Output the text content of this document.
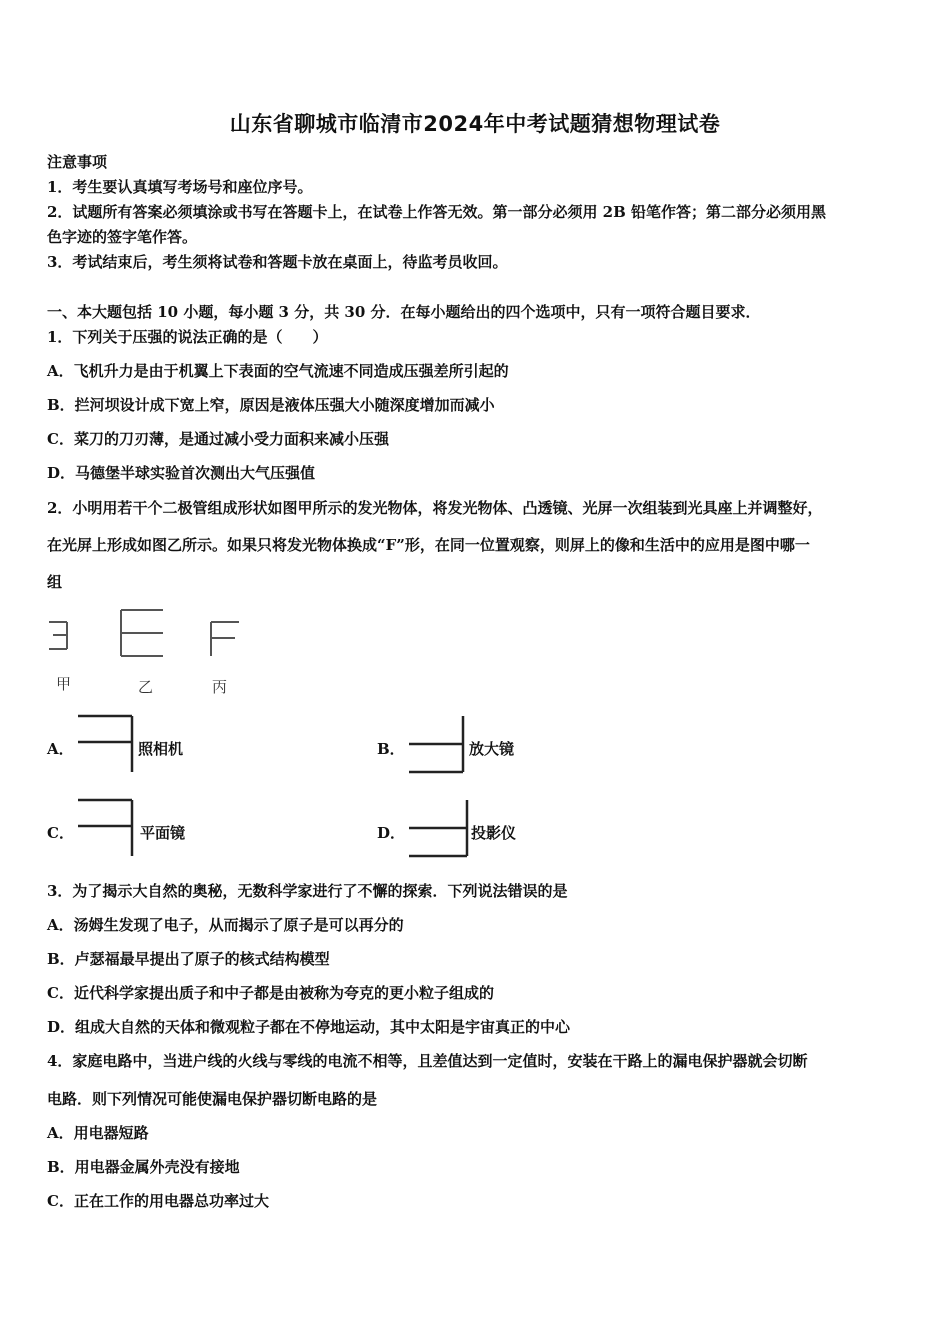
山东省聊城市临清市2024年中考试题猜想物理试卷
注意事项
1．考生要认真填写考场号和座位序号。
2．试题所有答案必须填涂或书写在答题卡上，在试卷上作答无效。第一部分必须用 2B 铅笔作答；第二部分必须用黑
色字迹的签字笔作答。
3．考试结束后，考生须将试卷和答题卡放在桌面上，待监考员收回。
一、本大题包括 10 小题，每小题 3 分，共 30 分．在每小题给出的四个选项中，只有一项符合题目要求．
1．下列关于压强的说法正确的是（　　）
A．飞机升力是由于机翼上下表面的空气流速不同造成压强差所引起的
B．拦河坝设计成下宽上窄，原因是液体压强大小随深度增加而减小
C．菜刀的刀刃薄，是通过减小受力面积来减小压强
D．马德堡半球实验首次测出大气压强值
2．小明用若干个二极管组成形状如图甲所示的发光物体，将发光物体、凸透镜、光屏一次组装到光具座上并调整好，
在光屏上形成如图乙所示。如果只将发光物体换成“F”形，在同一位置观察，则屏上的像和生活中的应用是图中哪一
组
甲	乙	丙
A．	照相机	B．	放大镜
C．	平面镜	D．	投影仪
3．为了揭示大自然的奥秘，无数科学家进行了不懈的探索．下列说法错误的是
A．汤姆生发现了电子，从而揭示了原子是可以再分的
B．卢瑟福最早提出了原子的核式结构模型
C．近代科学家提出质子和中子都是由被称为夸克的更小粒子组成的
D．组成大自然的天体和微观粒子都在不停地运动，其中太阳是宇宙真正的中心
4．家庭电路中，当进户线的火线与零线的电流不相等，且差值达到一定值时，安装在干路上的漏电保护器就会切断
电路．则下列情况可能使漏电保护器切断电路的是
A．用电器短路
B．用电器金属外壳没有接地
C．正在工作的用电器总功率过大
